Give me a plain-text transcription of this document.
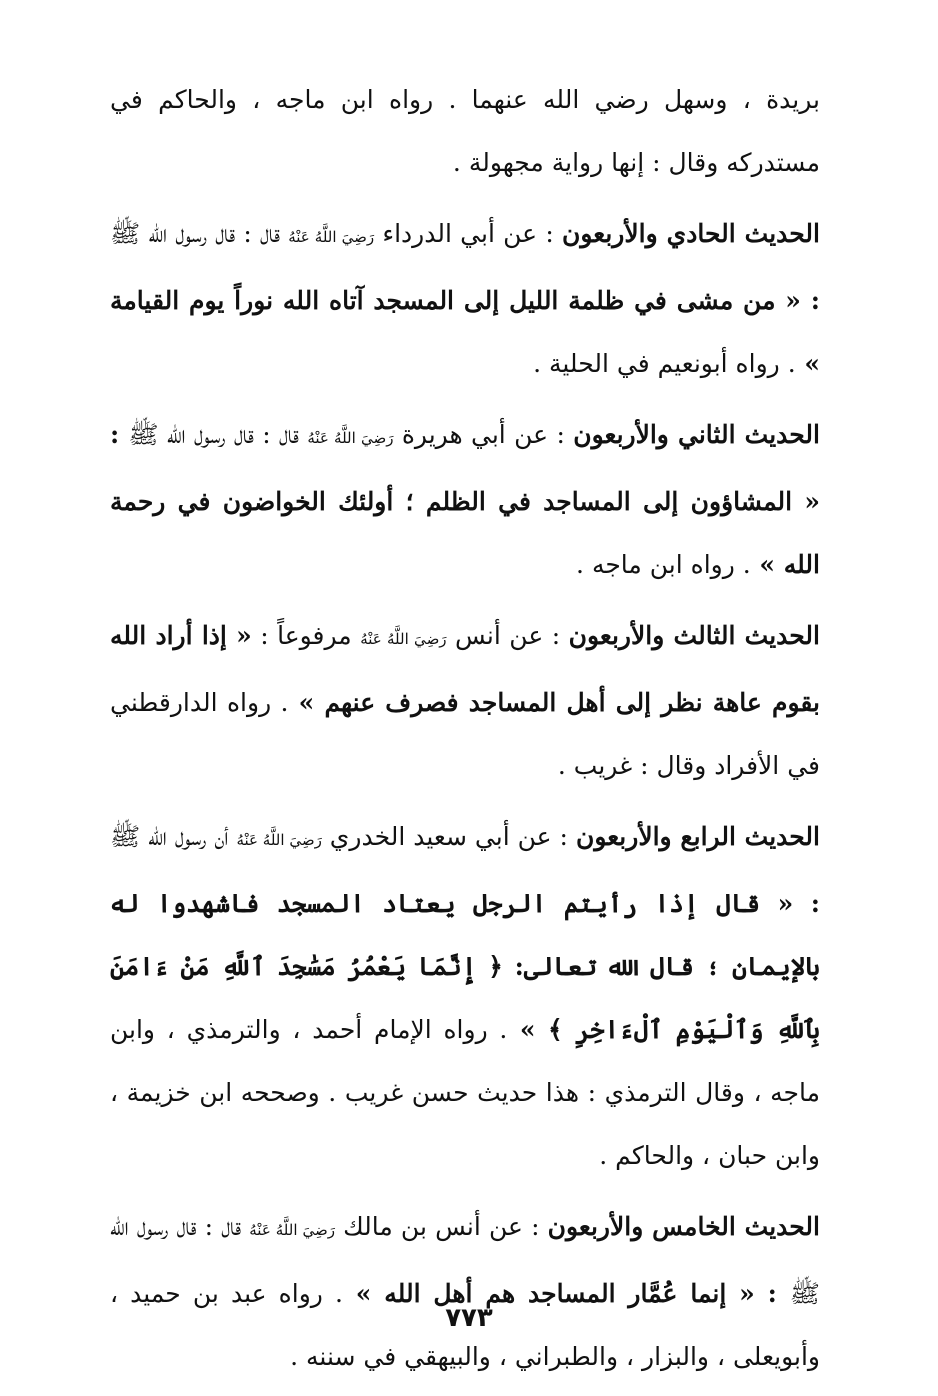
بريدة ، وسهل رضي الله عنهما . رواه ابن ماجه ، والحاكم في مستدركه وقال : إنها رواية مجهولة .

الحديث الحادي والأربعون : عن أبي الدرداء رَضِيَ اللَّهُ عَنْهُ قال : قال رسول الله ﷺ : « من مشى في ظلمة الليل إلى المسجد آتاه الله نوراً يوم القيامة » . رواه أبونعيم في الحلية .

الحديث الثاني والأربعون : عن أبي هريرة رَضِيَ اللَّهُ عَنْهُ قال : قال رسول الله ﷺ : « المشاؤون إلى المساجد في الظلم ؛ أولئك الخواضون في رحمة الله » . رواه ابن ماجه .

الحديث الثالث والأربعون : عن أنس رَضِيَ اللَّهُ عَنْهُ مرفوعاً : « إذا أراد الله بقوم عاهة نظر إلى أهل المساجد فصرف عنهم » . رواه الدارقطني في الأفراد وقال : غريب .

الحديث الرابع والأربعون : عن أبي سعيد الخدري رَضِيَ اللَّهُ عَنْهُ أن رسول الله ﷺ : « قال إذا رأيتم الرجل يعتاد المسجد فاشهدوا له بالإيمان ؛ قال الله تعالى: ﴿ إِنَّمَا يَعْمُرُ مَسَٰجِدَ ٱللَّهِ مَنْ ءَامَنَ بِٱللَّهِ وَٱلْيَوْمِ ٱلْءَاخِرِ ﴾ » . رواه الإمام أحمد ، والترمذي ، وابن ماجه ، وقال الترمذي : هذا حديث حسن غريب . وصححه ابن خزيمة ، وابن حبان ، والحاكم .

الحديث الخامس والأربعون : عن أنس بن مالك رَضِيَ اللَّهُ عَنْهُ قال : قال رسول الله ﷺ : « إنما عُمَّار المساجد هم أهل الله » . رواه عبد بن حميد ، وأبويعلى ، والبزار ، والطبراني ، والبيهقي في سننه .

٧٧٣
